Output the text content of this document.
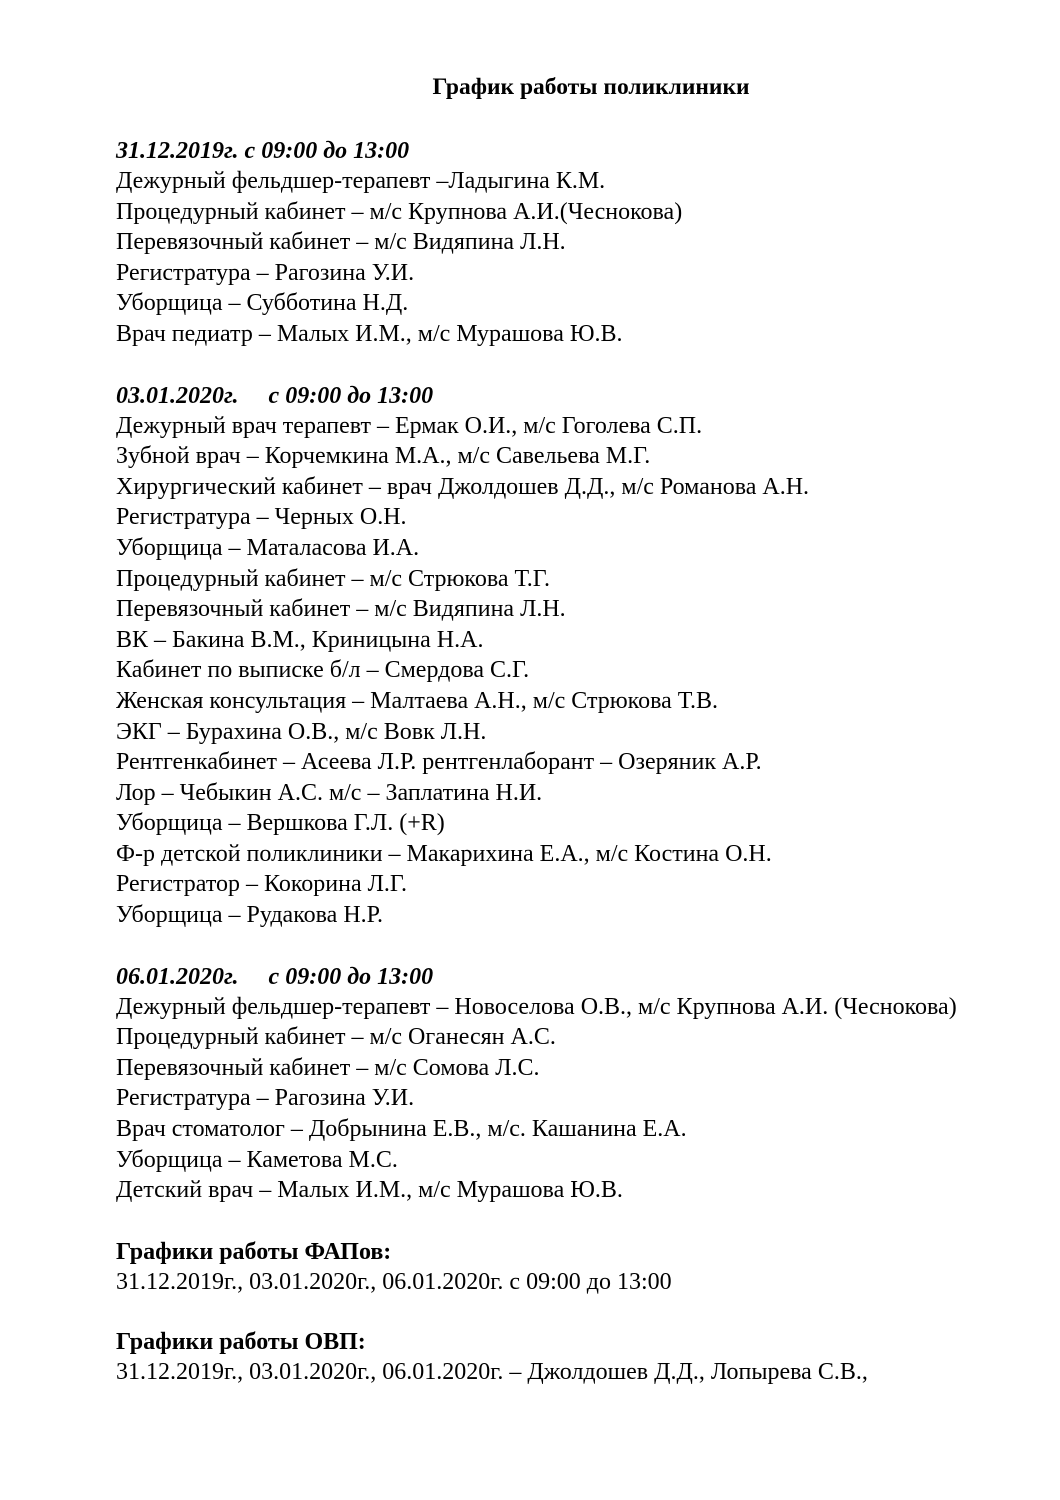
График работы поликлиники
31.12.2019г. с 09:00 до 13:00
Дежурный фельдшер-терапевт –Ладыгина К.М.
Процедурный кабинет – м/с Крупнова А.И.(Чеснокова)
Перевязочный кабинет – м/с Видяпина Л.Н.
Регистратура – Рагозина У.И.
Уборщица – Субботина Н.Д.
Врач педиатр – Малых И.М., м/с Мурашова Ю.В.
03.01.2020г.     с 09:00 до 13:00
Дежурный врач терапевт – Ермак О.И., м/с Гоголева С.П.
Зубной врач – Корчемкина М.А., м/с Савельева М.Г.
Хирургический кабинет – врач Джолдошев Д.Д., м/с Романова А.Н.
Регистратура – Черных О.Н.
Уборщица – Маталасова И.А.
Процедурный кабинет – м/с Стрюкова Т.Г.
Перевязочный кабинет – м/с Видяпина Л.Н.
ВК – Бакина В.М., Криницына Н.А.
Кабинет по выписке б/л – Смердова С.Г.
Женская консультация – Малтаева А.Н., м/с Стрюкова Т.В.
ЭКГ – Бурахина О.В., м/с Вовк Л.Н.
Рентгенкабинет – Асеева Л.Р. рентгенлаборант – Озеряник А.Р.
Лор – Чебыкин А.С. м/с – Заплатина Н.И.
Уборщица – Вершкова Г.Л. (+R)
Ф-р детской поликлиники – Макарихина Е.А., м/с Костина О.Н.
Регистратор – Кокорина Л.Г.
Уборщица – Рудакова Н.Р.
06.01.2020г.     с 09:00 до 13:00
Дежурный фельдшер-терапевт – Новоселова О.В., м/с Крупнова А.И. (Чеснокова)
Процедурный кабинет – м/с Оганесян А.С.
Перевязочный кабинет – м/с Сомова Л.С.
Регистратура – Рагозина У.И.
Врач стоматолог – Добрынина Е.В., м/с. Кашанина Е.А.
Уборщица – Каметова М.С.
Детский врач – Малых И.М., м/с Мурашова Ю.В.
Графики работы ФАПов:
31.12.2019г., 03.01.2020г., 06.01.2020г. с 09:00 до 13:00
Графики работы ОВП:
31.12.2019г., 03.01.2020г., 06.01.2020г. – Джолдошев Д.Д., Лопырева С.В.,
